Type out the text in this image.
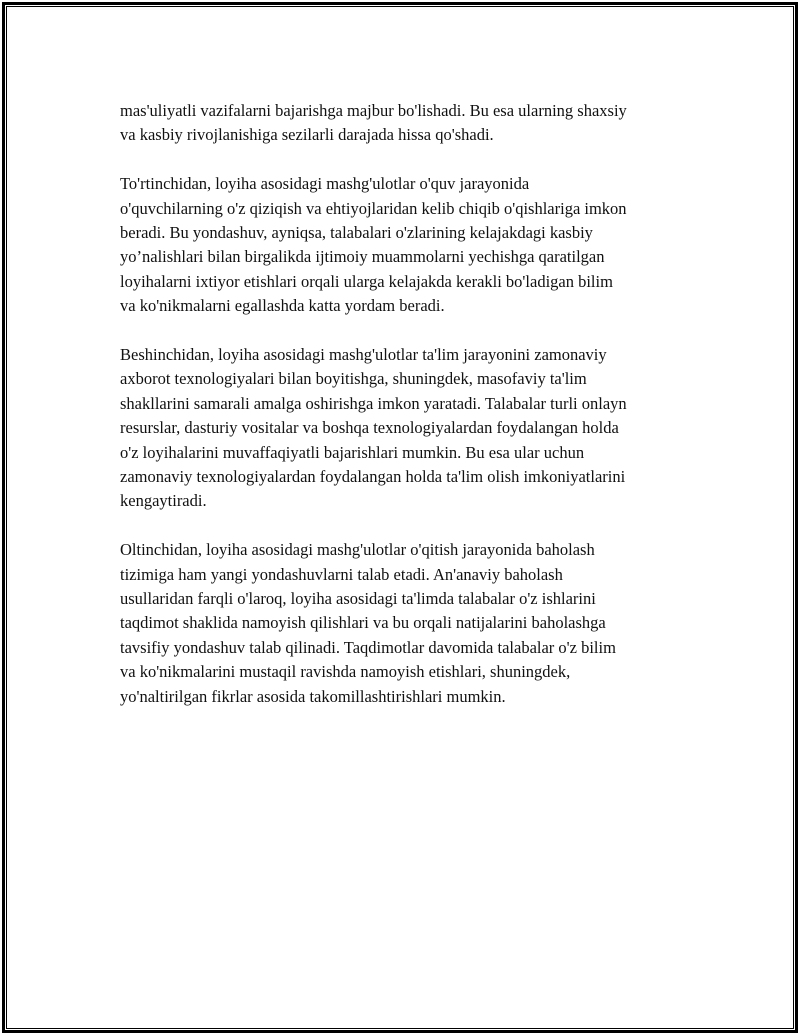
mas'uliyatli vazifalarni bajarishga majbur bo'lishadi. Bu esa ularning shaxsiy
va kasbiy rivojlanishiga sezilarli darajada hissa qo'shadi.

To'rtinchidan, loyiha asosidagi mashg'ulotlar o'quv jarayonida
o'quvchilarning o'z qiziqish va ehtiyojlaridan kelib chiqib o'qishlariga imkon
beradi. Bu yondashuv, ayniqsa, talabalari o'zlarining kelajakdagi kasbiy
yo’nalishlari bilan birgalikda ijtimoiy muammolarni yechishga qaratilgan
loyihalarni ixtiyor etishlari orqali ularga kelajakda kerakli bo'ladigan bilim
va ko'nikmalarni egallashda katta yordam beradi.

Beshinchidan, loyiha asosidagi mashg'ulotlar ta'lim jarayonini zamonaviy
axborot texnologiyalari bilan boyitishga, shuningdek, masofaviy ta'lim
shakllarini samarali amalga oshirishga imkon yaratadi. Talabalar turli onlayn
resurslar, dasturiy vositalar va boshqa texnologiyalardan foydalangan holda
o'z loyihalarini muvaffaqiyatli bajarishlari mumkin. Bu esa ular uchun
zamonaviy texnologiyalardan foydalangan holda ta'lim olish imkoniyatlarini
kengaytiradi.

Oltinchidan, loyiha asosidagi mashg'ulotlar o'qitish jarayonida baholash
tizimiga ham yangi yondashuvlarni talab etadi. An'anaviy baholash
usullaridan farqli o'laroq, loyiha asosidagi ta'limda talabalar o'z ishlarini
taqdimot shaklida namoyish qilishlari va bu orqali natijalarini baholashga
tavsifiy yondashuv talab qilinadi. Taqdimotlar davomida talabalar o'z bilim
va ko'nikmalarini mustaqil ravishda namoyish etishlari, shuningdek,
yo'naltirilgan fikrlar asosida takomillashtirishlari mumkin.
